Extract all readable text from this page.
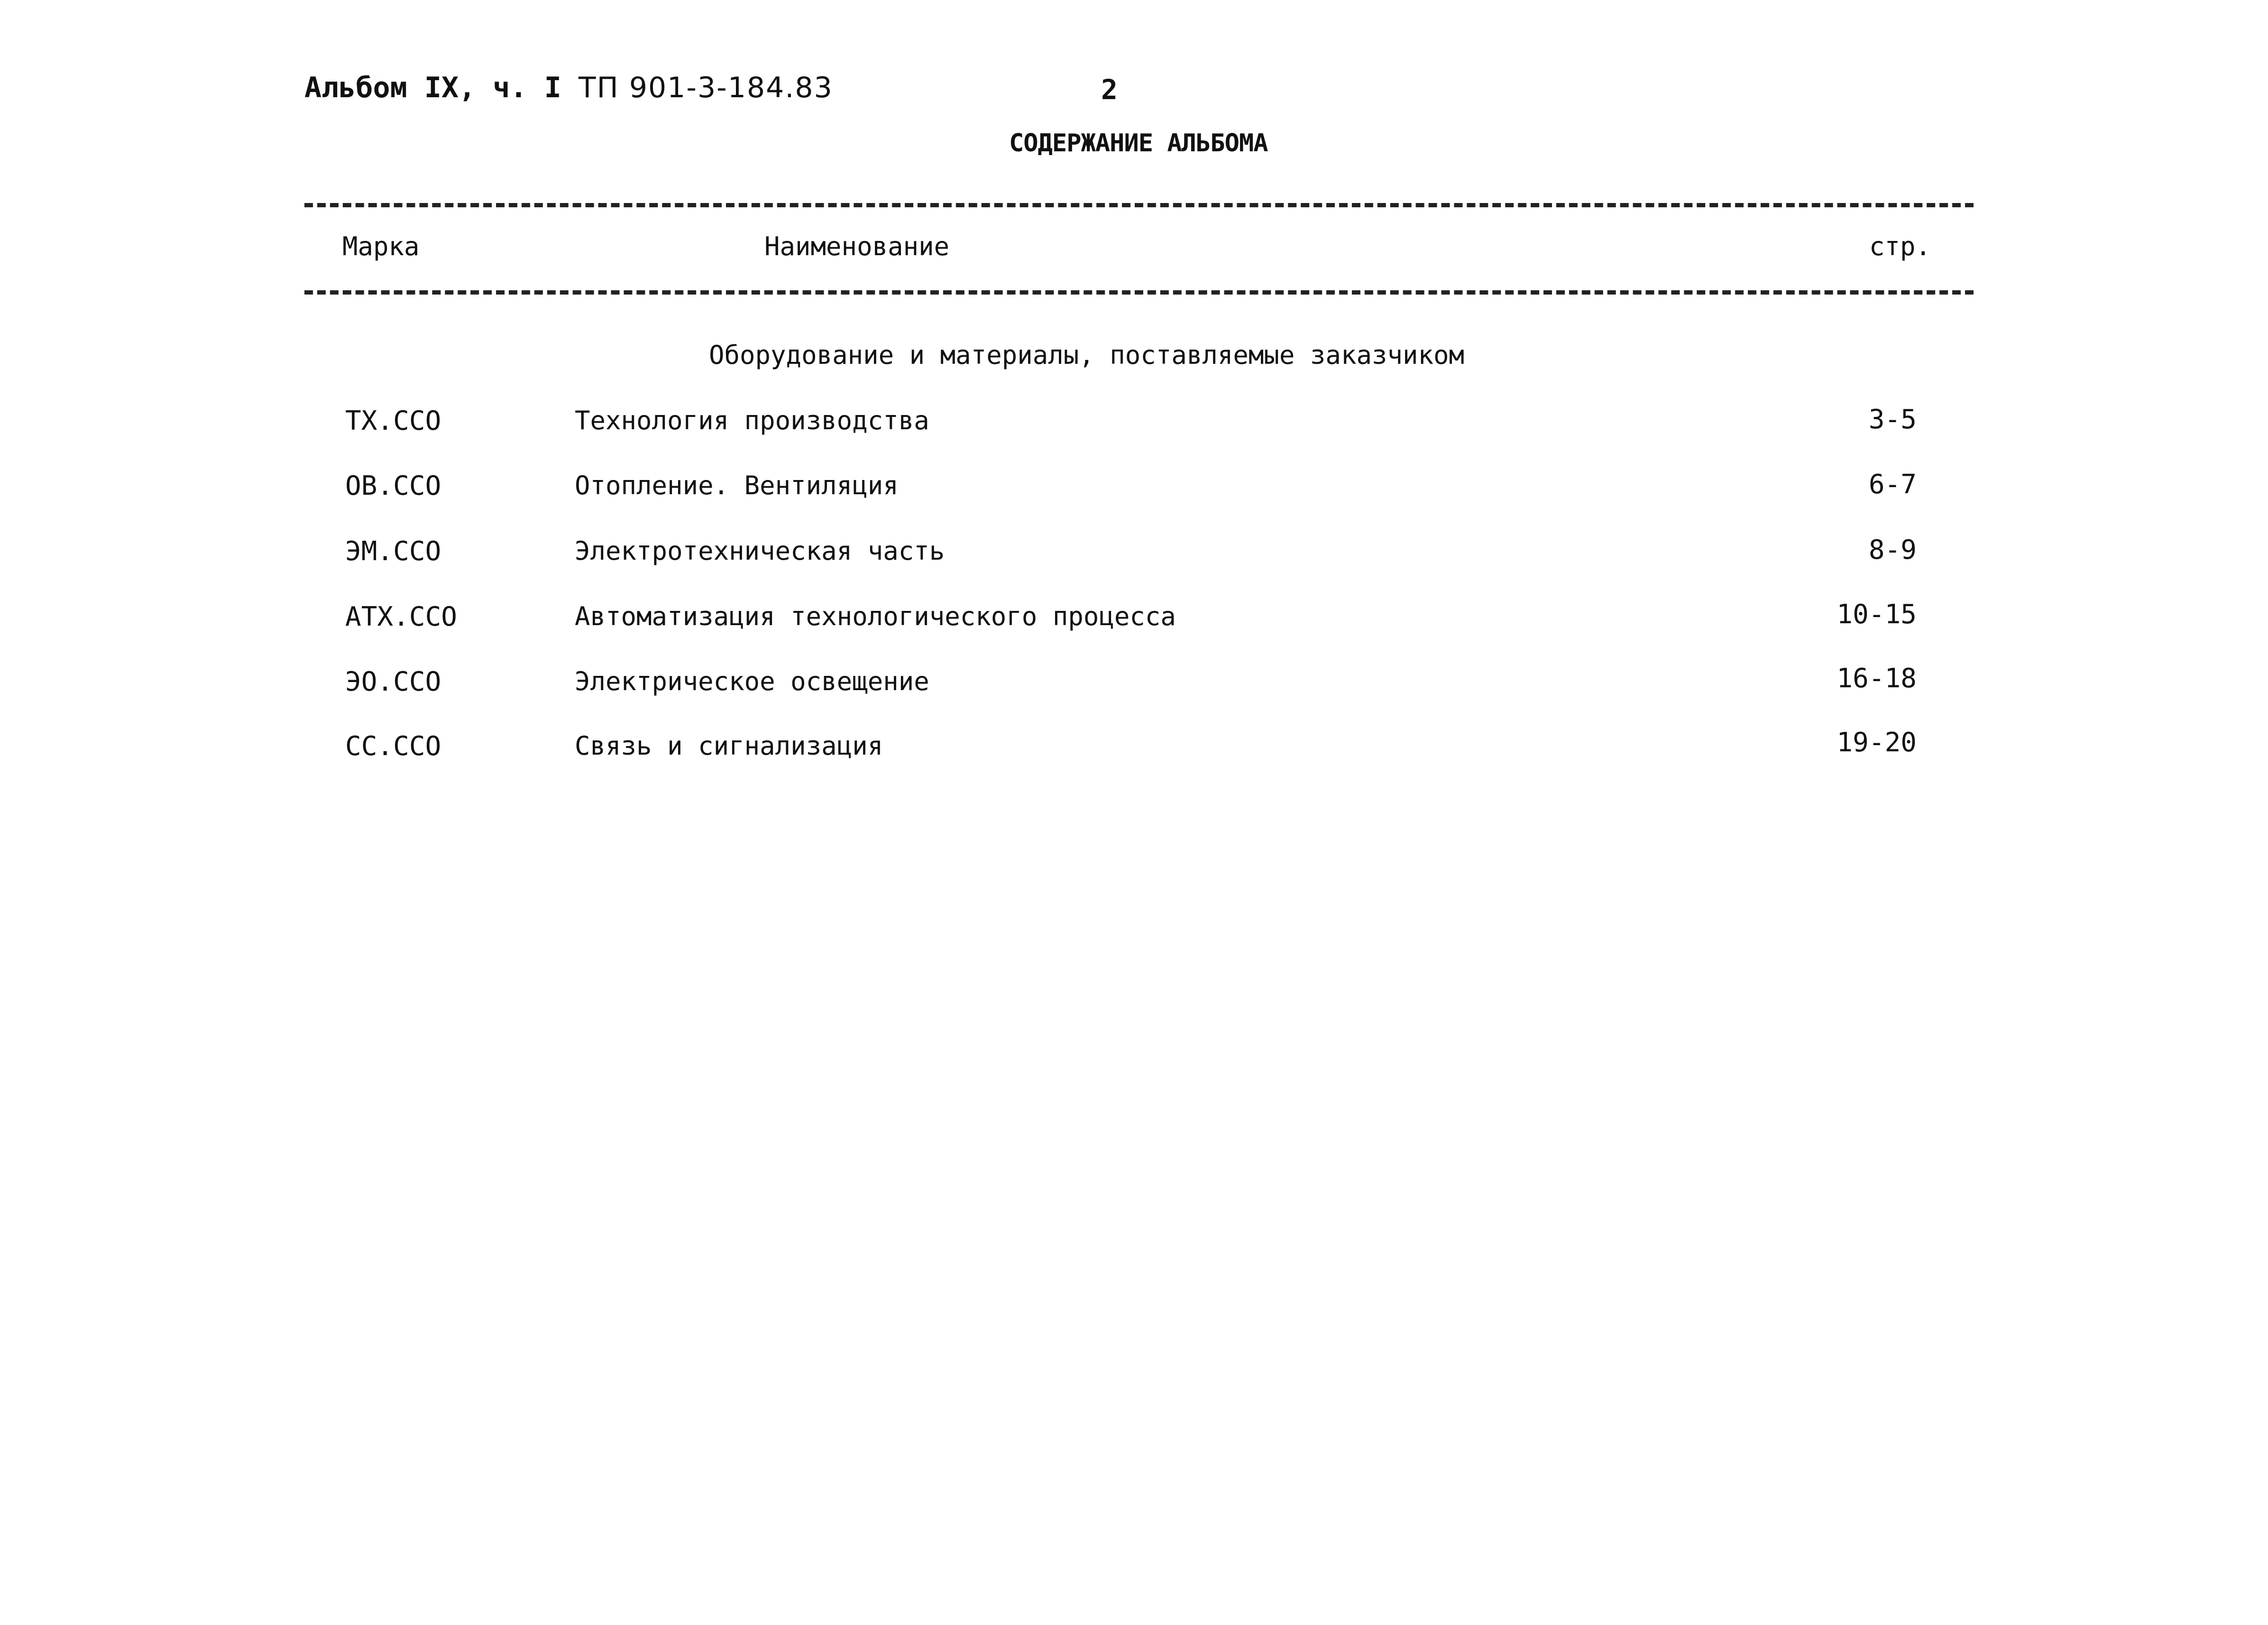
Альбом IX, ч. I ТП 901-3-184.83	2
СОДЕРЖАНИЕ АЛЬБОМА
Марка	Наименование	стр.
Оборудование и материалы, поставляемые заказчиком
ТХ.ССО	Технология производства	3-5
ОВ.ССО	Отопление. Вентиляция	6-7
ЭМ.ССО	Электротехническая часть	8-9
АТХ.ССО	Автоматизация технологического процесса	10-15
ЭО.ССО	Электрическое освещение	16-18
СС.ССО	Связь и сигнализация	19-20
